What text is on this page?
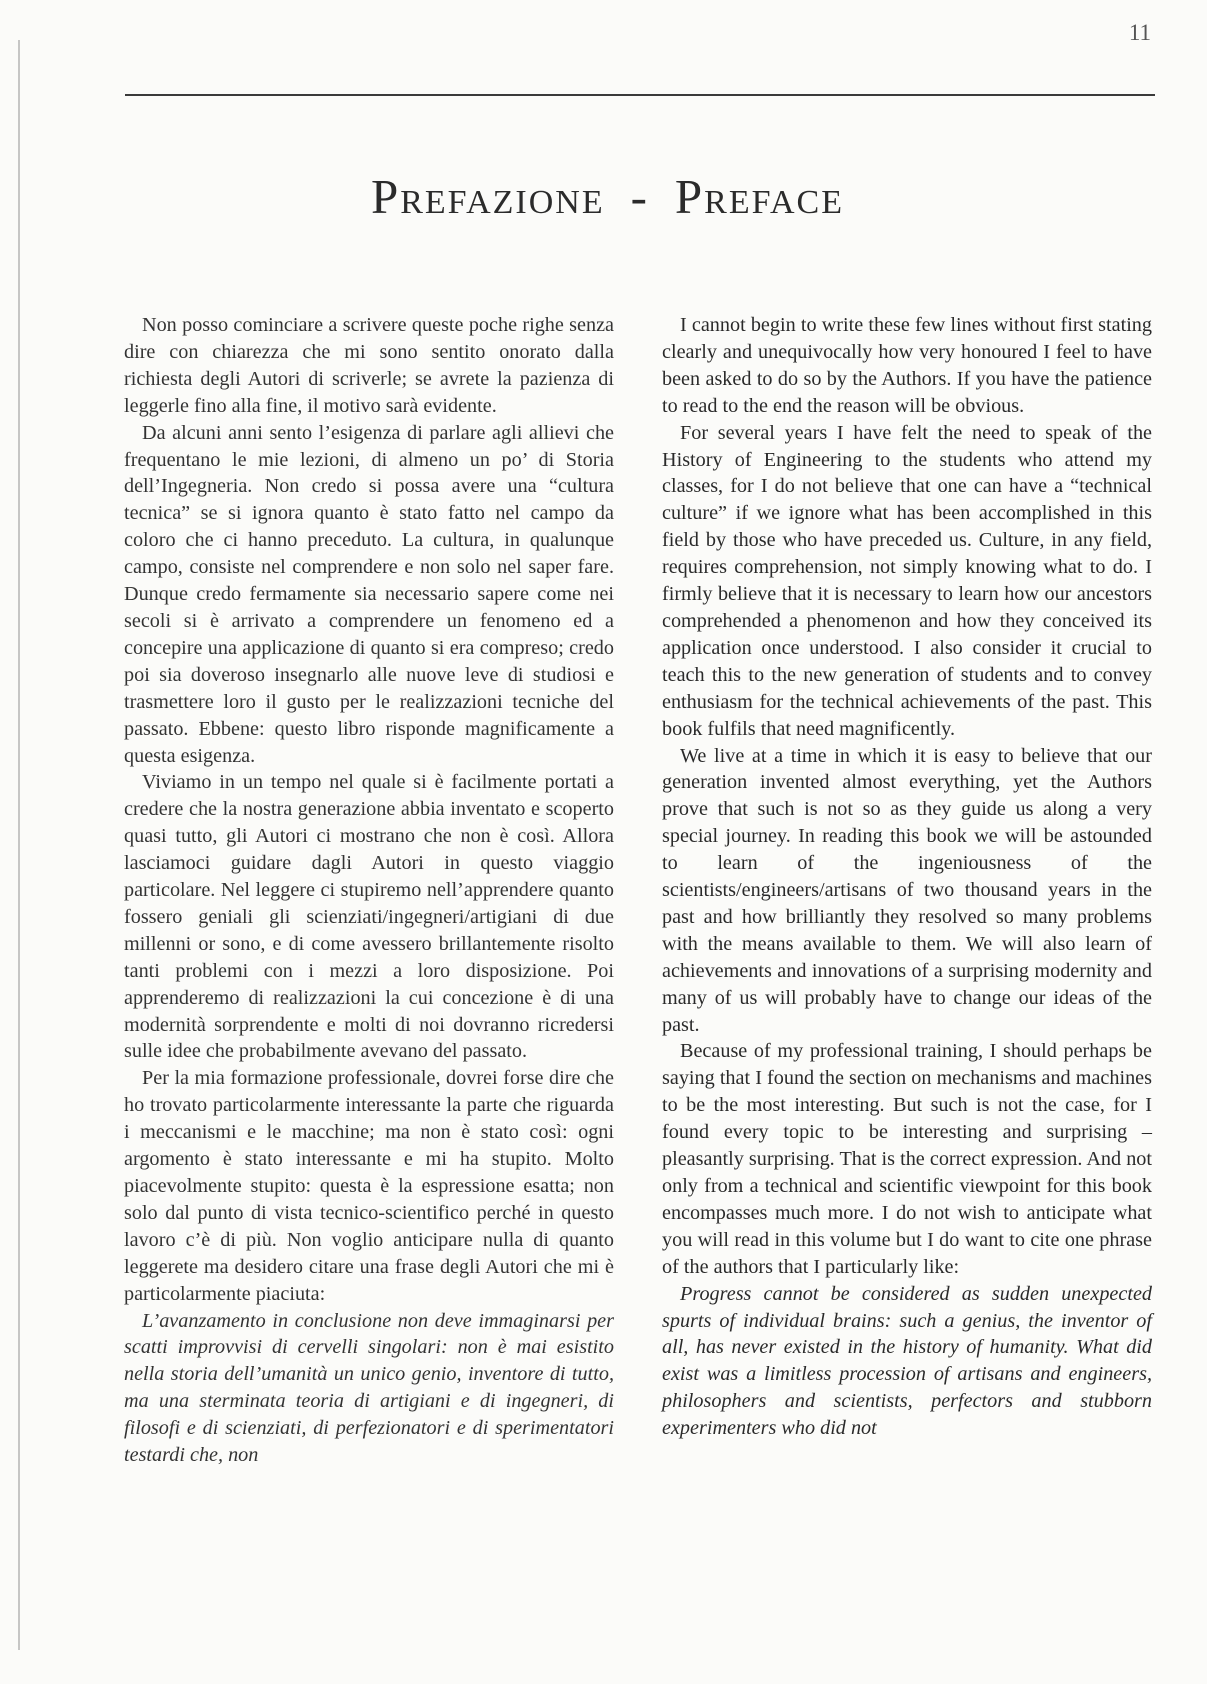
11
Prefazione - Preface

Non posso cominciare a scrivere queste poche righe senza dire con chiarezza che mi sono sentito onorato dalla richiesta degli Autori di scriverle; se avrete la pazienza di leggerle fino alla fine, il motivo sarà evidente.

Da alcuni anni sento l’esigenza di parlare agli allievi che frequentano le mie lezioni, di almeno un po’ di Storia dell’Ingegneria. Non credo si possa avere una “cultura tecnica” se si ignora quanto è stato fatto nel campo da coloro che ci hanno preceduto. La cultura, in qualunque campo, consiste nel comprendere e non solo nel saper fare. Dunque credo fermamente sia necessario sapere come nei secoli si è arrivato a comprendere un fenomeno ed a concepire una applicazione di quanto si era compreso; credo poi sia doveroso insegnarlo alle nuove leve di studiosi e trasmettere loro il gusto per le realizzazioni tecniche del passato. Ebbene: questo libro risponde magnificamente a questa esigenza.

Viviamo in un tempo nel quale si è facilmente portati a credere che la nostra generazione abbia inventato e scoperto quasi tutto, gli Autori ci mostrano che non è così. Allora lasciamoci guidare dagli Autori in questo viaggio particolare. Nel leggere ci stupiremo nell’apprendere quanto fossero geniali gli scienziati/ingegneri/artigiani di due millenni or sono, e di come avessero brillantemente risolto tanti problemi con i mezzi a loro disposizione. Poi apprenderemo di realizzazioni la cui concezione è di una modernità sorprendente e molti di noi dovranno ricredersi sulle idee che probabilmente avevano del passato.

Per la mia formazione professionale, dovrei forse dire che ho trovato particolarmente interessante la parte che riguarda i meccanismi e le macchine; ma non è stato così: ogni argomento è stato interessante e mi ha stupito. Molto piacevolmente stupito: questa è la espressione esatta; non solo dal punto di vista tecnico-scientifico perché in questo lavoro c’è di più. Non voglio anticipare nulla di quanto leggerete ma desidero citare una frase degli Autori che mi è particolarmente piaciuta:

L’avanzamento in conclusione non deve immaginarsi per scatti improvvisi di cervelli singolari: non è mai esistito nella storia dell’umanità un unico genio, inventore di tutto, ma una sterminata teoria di artigiani e di ingegneri, di filosofi e di scienziati, di perfezionatori e di sperimentatori testardi che, non

I cannot begin to write these few lines without first stating clearly and unequivocally how very honoured I feel to have been asked to do so by the Authors. If you have the patience to read to the end the reason will be obvious.

For several years I have felt the need to speak of the History of Engineering to the students who attend my classes, for I do not believe that one can have a “technical culture” if we ignore what has been accomplished in this field by those who have preceded us. Culture, in any field, requires comprehension, not simply knowing what to do. I firmly believe that it is necessary to learn how our ancestors comprehended a phenomenon and how they conceived its application once understood. I also consider it crucial to teach this to the new generation of students and to convey enthusiasm for the technical achievements of the past. This book fulfils that need magnificently.

We live at a time in which it is easy to believe that our generation invented almost everything, yet the Authors prove that such is not so as they guide us along a very special journey. In reading this book we will be astounded to learn of the ingeniousness of the scientists/engineers/artisans of two thousand years in the past and how brilliantly they resolved so many problems with the means available to them. We will also learn of achievements and innovations of a surprising modernity and many of us will probably have to change our ideas of the past.

Because of my professional training, I should perhaps be saying that I found the section on mechanisms and machines to be the most interesting. But such is not the case, for I found every topic to be interesting and surprising – pleasantly surprising. That is the correct expression. And not only from a technical and scientific viewpoint for this book encompasses much more. I do not wish to anticipate what you will read in this volume but I do want to cite one phrase of the authors that I particularly like:

Progress cannot be considered as sudden unexpected spurts of individual brains: such a genius, the inventor of all, has never existed in the history of humanity. What did exist was a limitless procession of artisans and engineers, philosophers and scientists, perfectors and stubborn experimenters who did not
